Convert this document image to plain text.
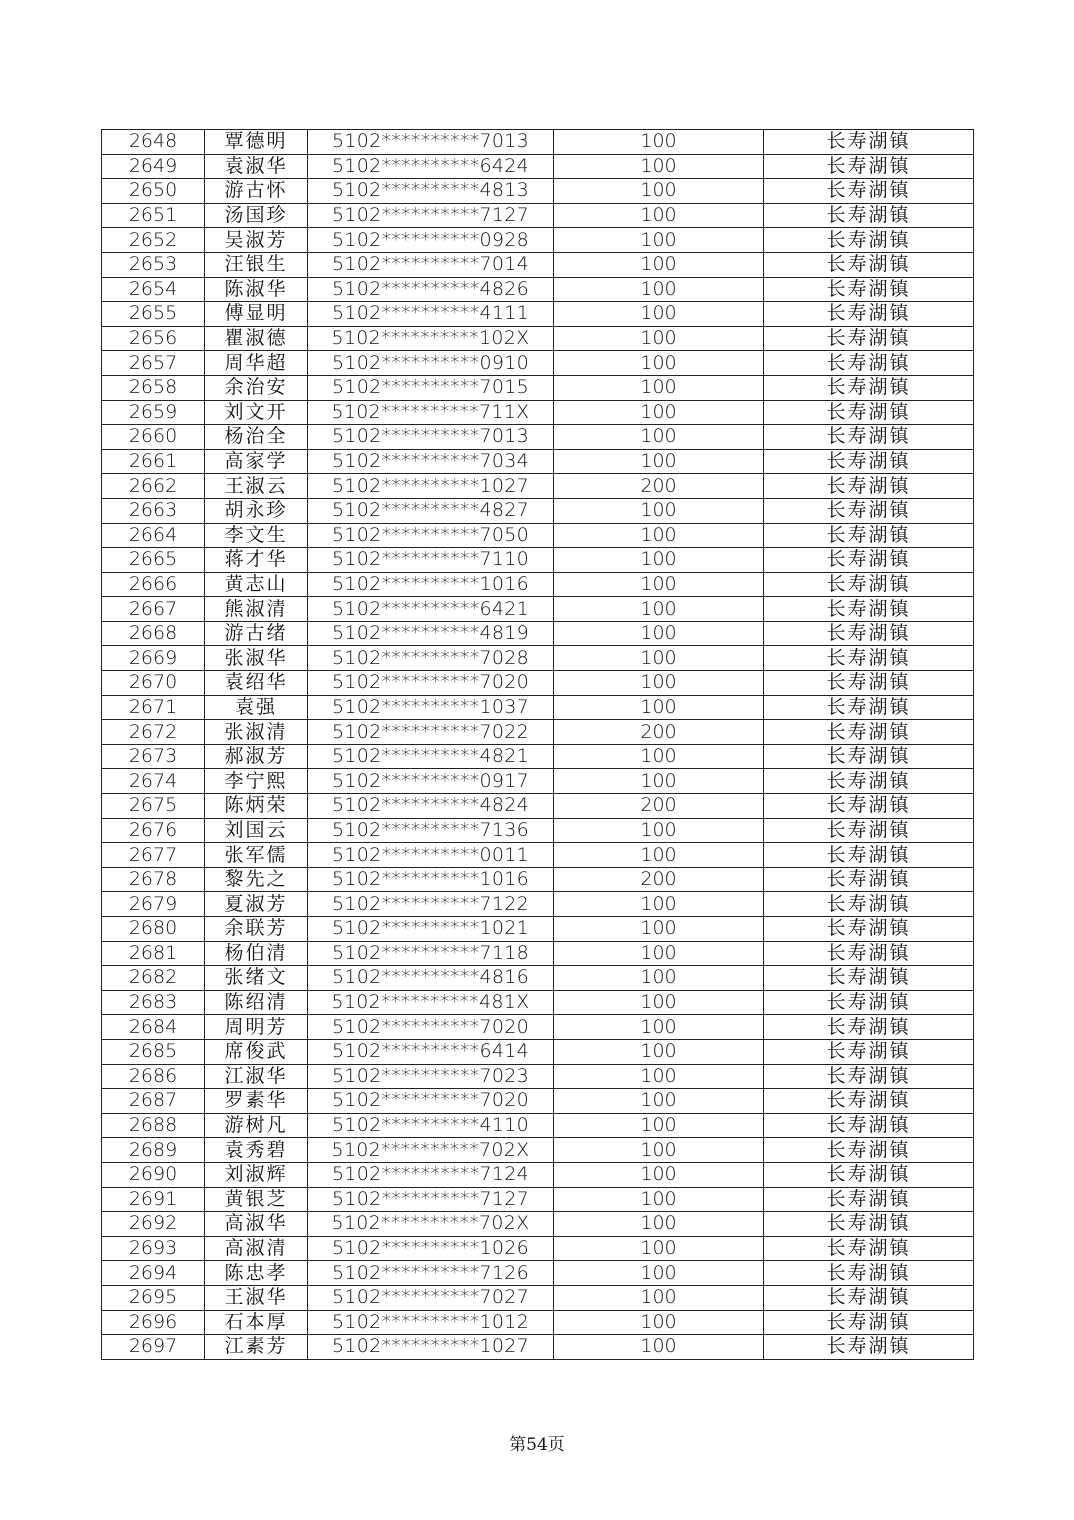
2648	覃德明	5102**********7013	100	长寿湖镇
2649	袁淑华	5102**********6424	100	长寿湖镇
2650	游古怀	5102**********4813	100	长寿湖镇
2651	汤国珍	5102**********7127	100	长寿湖镇
2652	吴淑芳	5102**********0928	100	长寿湖镇
2653	汪银生	5102**********7014	100	长寿湖镇
2654	陈淑华	5102**********4826	100	长寿湖镇
2655	傅显明	5102**********4111	100	长寿湖镇
2656	瞿淑德	5102**********102X	100	长寿湖镇
2657	周华超	5102**********0910	100	长寿湖镇
2658	余治安	5102**********7015	100	长寿湖镇
2659	刘文开	5102**********711X	100	长寿湖镇
2660	杨治全	5102**********7013	100	长寿湖镇
2661	高家学	5102**********7034	100	长寿湖镇
2662	王淑云	5102**********1027	200	长寿湖镇
2663	胡永珍	5102**********4827	100	长寿湖镇
2664	李文生	5102**********7050	100	长寿湖镇
2665	蒋才华	5102**********7110	100	长寿湖镇
2666	黄志山	5102**********1016	100	长寿湖镇
2667	熊淑清	5102**********6421	100	长寿湖镇
2668	游古绪	5102**********4819	100	长寿湖镇
2669	张淑华	5102**********7028	100	长寿湖镇
2670	袁绍华	5102**********7020	100	长寿湖镇
2671	袁强	5102**********1037	100	长寿湖镇
2672	张淑清	5102**********7022	200	长寿湖镇
2673	郝淑芳	5102**********4821	100	长寿湖镇
2674	李宁熙	5102**********0917	100	长寿湖镇
2675	陈炳荣	5102**********4824	200	长寿湖镇
2676	刘国云	5102**********7136	100	长寿湖镇
2677	张军儒	5102**********0011	100	长寿湖镇
2678	黎先之	5102**********1016	200	长寿湖镇
2679	夏淑芳	5102**********7122	100	长寿湖镇
2680	余联芳	5102**********1021	100	长寿湖镇
2681	杨伯清	5102**********7118	100	长寿湖镇
2682	张绪文	5102**********4816	100	长寿湖镇
2683	陈绍清	5102**********481X	100	长寿湖镇
2684	周明芳	5102**********7020	100	长寿湖镇
2685	席俊武	5102**********6414	100	长寿湖镇
2686	江淑华	5102**********7023	100	长寿湖镇
2687	罗素华	5102**********7020	100	长寿湖镇
2688	游树凡	5102**********4110	100	长寿湖镇
2689	袁秀碧	5102**********702X	100	长寿湖镇
2690	刘淑辉	5102**********7124	100	长寿湖镇
2691	黄银芝	5102**********7127	100	长寿湖镇
2692	高淑华	5102**********702X	100	长寿湖镇
2693	高淑清	5102**********1026	100	长寿湖镇
2694	陈忠孝	5102**********7126	100	长寿湖镇
2695	王淑华	5102**********7027	100	长寿湖镇
2696	石本厚	5102**********1012	100	长寿湖镇
2697	江素芳	5102**********1027	100	长寿湖镇
第54页
